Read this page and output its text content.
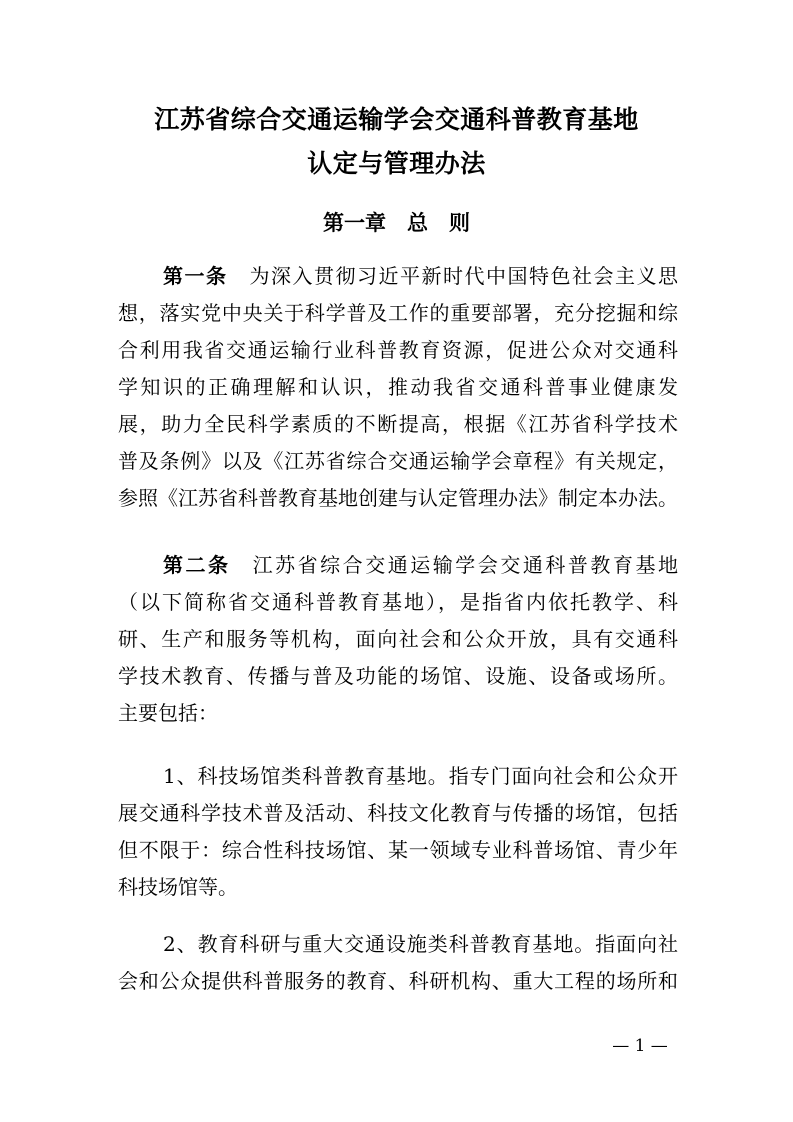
江苏省综合交通运输学会交通科普教育基地
认定与管理办法
第一章　总　则
第一条 为深入贯彻习近平新时代中国特色社会主义思
想，落实党中央关于科学普及工作的重要部署，充分挖掘和综
合利用我省交通运输行业科普教育资源，促进公众对交通科
学知识的正确理解和认识，推动我省交通科普事业健康发
展，助力全民科学素质的不断提高，根据《江苏省科学技术
普及条例》以及《江苏省综合交通运输学会章程》有关规定，
参照《江苏省科普教育基地创建与认定管理办法》制定本办法。
第二条 江苏省综合交通运输学会交通科普教育基地
（以下简称省交通科普教育基地），是指省内依托教学、科
研、生产和服务等机构，面向社会和公众开放，具有交通科
学技术教育、传播与普及功能的场馆、设施、设备或场所。
主要包括：
1、科技场馆类科普教育基地。指专门面向社会和公众开
展交通科学技术普及活动、科技文化教育与传播的场馆，包括
但不限于：综合性科技场馆、某一领域专业科普场馆、青少年
科技场馆等。
2、教育科研与重大交通设施类科普教育基地。指面向社
会和公众提供科普服务的教育、科研机构、重大工程的场所和
— 1 —
